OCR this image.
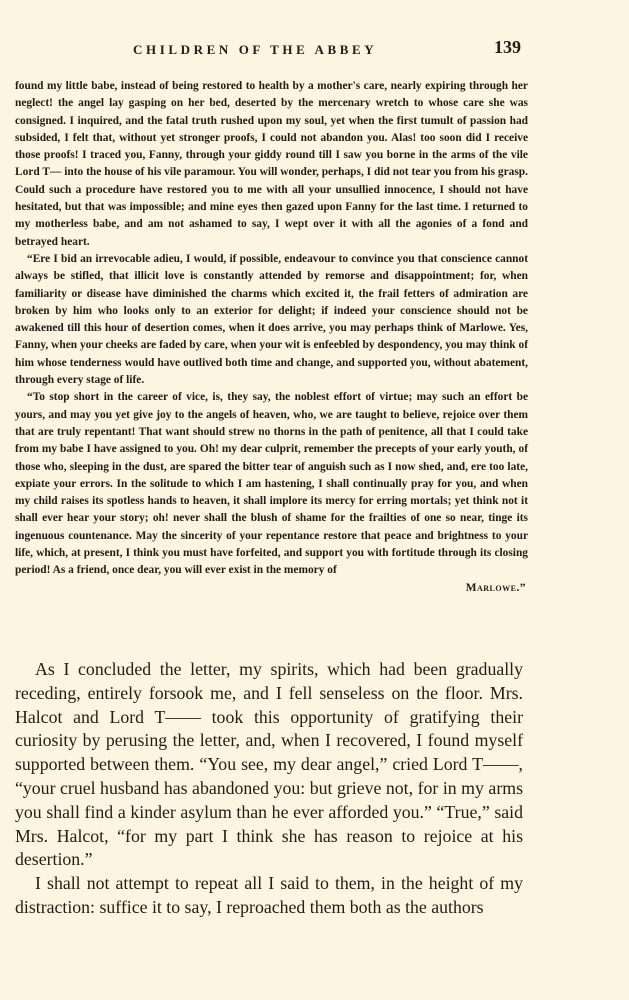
CHILDREN OF THE ABBEY	139

found my little babe, instead of being restored to health by a mother's care, nearly expiring through her neglect! the angel lay gasping on her bed, deserted by the mercenary wretch to whose care she was consigned. I inquired, and the fatal truth rushed upon my soul, yet when the first tumult of passion had subsided, I felt that, without yet stronger proofs, I could not abandon you. Alas! too soon did I receive those proofs! I traced you, Fanny, through your giddy round till I saw you borne in the arms of the vile Lord T— into the house of his vile paramour. You will wonder, perhaps, I did not tear you from his grasp. Could such a procedure have restored you to me with all your unsullied innocence, I should not have hesitated, but that was impossible; and mine eyes then gazed upon Fanny for the last time. I returned to my motherless babe, and am not ashamed to say, I wept over it with all the agonies of a fond and betrayed heart.

“Ere I bid an irrevocable adieu, I would, if possible, endeavour to convince you that conscience cannot always be stifled, that illicit love is constantly attended by remorse and disappointment; for, when familiarity or disease have diminished the charms which excited it, the frail fetters of admiration are broken by him who looks only to an exterior for delight; if indeed your conscience should not be awakened till this hour of desertion comes, when it does arrive, you may perhaps think of Marlowe. Yes, Fanny, when your cheeks are faded by care, when your wit is enfeebled by despondency, you may think of him whose tenderness would have outlived both time and change, and supported you, without abatement, through every stage of life.

“To stop short in the career of vice, is, they say, the noblest effort of virtue; may such an effort be yours, and may you yet give joy to the angels of heaven, who, we are taught to believe, rejoice over them that are truly repentant! That want should strew no thorns in the path of penitence, all that I could take from my babe I have assigned to you. Oh! my dear culprit, remember the precepts of your early youth, of those who, sleeping in the dust, are spared the bitter tear of anguish such as I now shed, and, ere too late, expiate your errors. In the solitude to which I am hastening, I shall continually pray for you, and when my child raises its spotless hands to heaven, it shall implore its mercy for erring mortals; yet think not it shall ever hear your story; oh! never shall the blush of shame for the frailties of one so near, tinge its ingenuous countenance. May the sincerity of your repentance restore that peace and brightness to your life, which, at present, I think you must have forfeited, and support you with fortitude through its closing period! As a friend, once dear, you will ever exist in the memory of

Marlowe.”

As I concluded the letter, my spirits, which had been gradually receding, entirely forsook me, and I fell senseless on the floor. Mrs. Halcot and Lord T—— took this opportunity of gratifying their curiosity by perusing the letter, and, when I recovered, I found myself supported between them. “You see, my dear angel,” cried Lord T——, “your cruel husband has abandoned you: but grieve not, for in my arms you shall find a kinder asylum than he ever afforded you.” “True,” said Mrs. Halcot, “for my part I think she has reason to rejoice at his desertion.”

I shall not attempt to repeat all I said to them, in the height of my distraction: suffice it to say, I reproached them both as the authors
